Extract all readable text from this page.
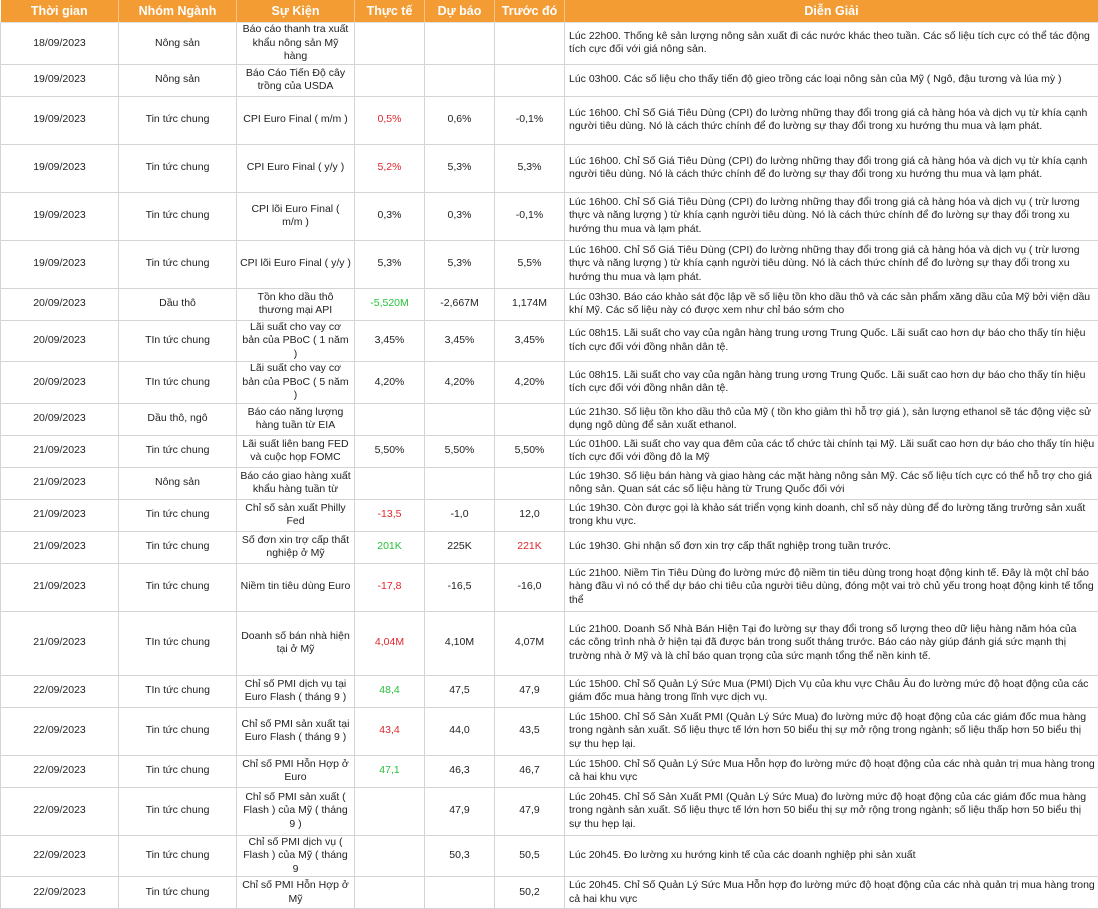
Thời gian	Nhóm Ngành	Sự Kiện	Thực tế	Dự báo	Trước đó	Diễn Giải
18/09/2023	Nông sản	Báo cáo thanh tra xuất khẩu nông sản Mỹ hàng				Lúc 22h00. Thống kê sản lượng nông sản xuất đi các nước khác theo tuần. Các số liệu tích cực có thể tác động tích cực đối với giá nông sản.
19/09/2023	Nông sản	Báo Cáo Tiến Độ cây trồng của USDA				Lúc 03h00. Các số liệu cho thấy tiến độ gieo trồng các loại nông sản của Mỹ ( Ngô, đậu tương và lúa mỳ )
19/09/2023	Tin tức chung	CPI Euro Final ( m/m )	0,5%	0,6%	-0,1%	Lúc 16h00. Chỉ Số Giá Tiêu Dùng (CPI) đo lường những thay đổi trong giá cả hàng hóa và dịch vụ từ khía cạnh người tiêu dùng. Nó là cách thức chính để đo lường sự thay đổi trong xu hướng thu mua và lạm phát.
19/09/2023	Tin tức chung	CPI Euro Final ( y/y )	5,2%	5,3%	5,3%	Lúc 16h00. Chỉ Số Giá Tiêu Dùng (CPI) đo lường những thay đổi trong giá cả hàng hóa và dịch vụ từ khía cạnh người tiêu dùng. Nó là cách thức chính để đo lường sự thay đổi trong xu hướng thu mua và lạm phát.
19/09/2023	Tin tức chung	CPI lõi Euro Final ( m/m )	0,3%	0,3%	-0,1%	Lúc 16h00. Chỉ Số Giá Tiêu Dùng (CPI) đo lường những thay đổi trong giá cả hàng hóa và dịch vụ ( trừ lương thực và năng lượng ) từ khía cạnh người tiêu dùng. Nó là cách thức chính để đo lường sự thay đổi trong xu hướng thu mua và lạm phát.
19/09/2023	Tin tức chung	CPI lõi Euro Final ( y/y )	5,3%	5,3%	5,5%	Lúc 16h00. Chỉ Số Giá Tiêu Dùng (CPI) đo lường những thay đổi trong giá cả hàng hóa và dịch vụ ( trừ lương thực và năng lượng ) từ khía cạnh người tiêu dùng. Nó là cách thức chính để đo lường sự thay đổi trong xu hướng thu mua và lạm phát.
20/09/2023	Dầu thô	Tồn kho dầu thô thương mại API	-5,520M	-2,667M	1,174M	Lúc 03h30. Báo cáo khảo sát độc lập về số liệu tồn kho dầu thô và các sản phẩm xăng dầu của Mỹ bởi viện dầu khí Mỹ. Các số liệu này có được xem như chỉ báo sớm cho
20/09/2023	TIn tức chung	Lãi suất cho vay cơ bản của PBoC ( 1 năm )	3,45%	3,45%	3,45%	Lúc 08h15. Lãi suất cho vay của ngân hàng trung ương Trung Quốc. Lãi suất cao hơn dự báo cho thấy tín hiệu tích cực đối với đồng nhân dân tệ.
20/09/2023	TIn tức chung	Lãi suất cho vay cơ bản của PBoC ( 5 năm )	4,20%	4,20%	4,20%	Lúc 08h15. Lãi suất cho vay của ngân hàng trung ương Trung Quốc. Lãi suất cao hơn dự báo cho thấy tín hiệu tích cực đối với đồng nhân dân tệ.
20/09/2023	Dầu thô, ngô	Báo cáo năng lượng hàng tuần từ EIA				Lúc 21h30. Số liệu tồn kho dầu thô của Mỹ ( tồn kho giảm thì hỗ trợ giá ), sản lượng ethanol sẽ tác động việc sử dụng ngô dùng để sản xuất ethanol.
21/09/2023	Tin tức chung	Lãi suất liên bang FED và cuộc họp FOMC	5,50%	5,50%	5,50%	Lúc 01h00. Lãi suất cho vay qua đêm của các tổ chức tài chính tại Mỹ. Lãi suất cao hơn dự báo cho thấy tín hiệu tích cực đối với đồng đô la Mỹ
21/09/2023	Nông sản	Báo cáo giao hàng xuất khẩu hàng tuần từ				Lúc 19h30. Số liệu bán hàng và giao hàng các mặt hàng nông sản Mỹ. Các số liệu tích cực có thể hỗ trợ cho giá nông sản. Quan sát các số liệu hàng từ Trung Quốc đối với
21/09/2023	Tin tức chung	Chỉ số sản xuất Philly Fed	-13,5	-1,0	12,0	Lúc 19h30. Còn được gọi là khảo sát triển vọng kinh doanh, chỉ số này dùng để đo lường tăng trưởng sản xuất trong khu vực.
21/09/2023	Tin tức chung	Số đơn xin trợ cấp thất nghiệp ở Mỹ	201K	225K	221K	Lúc 19h30. Ghi nhận số đơn xin trợ cấp thất nghiệp trong tuần trước.
21/09/2023	Tin tức chung	Niềm tin tiêu dùng Euro	-17,8	-16,5	-16,0	Lúc 21h00. Niềm Tin Tiêu Dùng đo lường mức độ niềm tin tiêu dùng trong hoạt động kinh tế. Đây là một chỉ báo hàng đầu vì nó có thể dự báo chi tiêu của người tiêu dùng, đóng một vai trò chủ yếu trong hoạt động kinh tế tổng thể
21/09/2023	TIn tức chung	Doanh số bán nhà hiện tại ở Mỹ	4,04M	4,10M	4,07M	Lúc 21h00. Doanh Số Nhà Bán Hiện Tại đo lường sự thay đổi trong số lượng theo dữ liệu hàng năm hóa của các công trình nhà ở hiện tại đã được bán trong suốt tháng trước. Báo cáo này giúp đánh giá sức mạnh thị trường nhà ở Mỹ và là chỉ báo quan trọng của sức mạnh tổng thể nền kinh tế.
22/09/2023	TIn tức chung	Chỉ số PMI dịch vụ tại Euro Flash ( tháng 9 )	48,4	47,5	47,9	Lúc 15h00. Chỉ Số Quản Lý Sức Mua (PMI) Dịch Vụ của khu vực Châu Âu đo lường mức độ hoạt động của các giám đốc mua hàng trong lĩnh vực dịch vụ.
22/09/2023	Tin tức chung	Chỉ số PMI sản xuất tại Euro Flash ( tháng 9 )	43,4	44,0	43,5	Lúc 15h00. Chỉ Số Sản Xuất PMI (Quản Lý Sức Mua) đo lường mức độ hoạt động của các giám đốc mua hàng trong ngành sản xuất. Số liệu thực tế lớn hơn 50 biểu thị sự mở rộng trong ngành; số liệu thấp hơn 50 biểu thị sự thu hẹp lại.
22/09/2023	Tin tức chung	Chỉ số PMI Hỗn Hợp ở Euro	47,1	46,3	46,7	Lúc 15h00. Chỉ Số Quản Lý Sức Mua Hỗn hợp đo lường mức độ hoạt động của các nhà quản trị mua hàng trong cả hai khu vực
22/09/2023	Tin tức chung	Chỉ số PMI sản xuất ( Flash ) của Mỹ ( tháng 9 )		47,9	47,9	Lúc 20h45. Chỉ Số Sản Xuất PMI (Quản Lý Sức Mua) đo lường mức độ hoạt động của các giám đốc mua hàng trong ngành sản xuất. Số liệu thực tế lớn hơn 50 biểu thị sự mở rộng trong ngành; số liệu thấp hơn 50 biểu thị sự thu hẹp lại.
22/09/2023	Tin tức chung	Chỉ số PMI dịch vụ ( Flash ) của Mỹ ( tháng 9		50,3	50,5	Lúc 20h45. Đo lường xu hướng kinh tế của các doanh nghiệp phi sản xuất
22/09/2023	Tin tức chung	Chỉ số PMI Hỗn Hợp ở Mỹ			50,2	Lúc 20h45. Chỉ Số Quản Lý Sức Mua Hỗn hợp đo lường mức độ hoạt động của các nhà quản trị mua hàng trong cả hai khu vực
